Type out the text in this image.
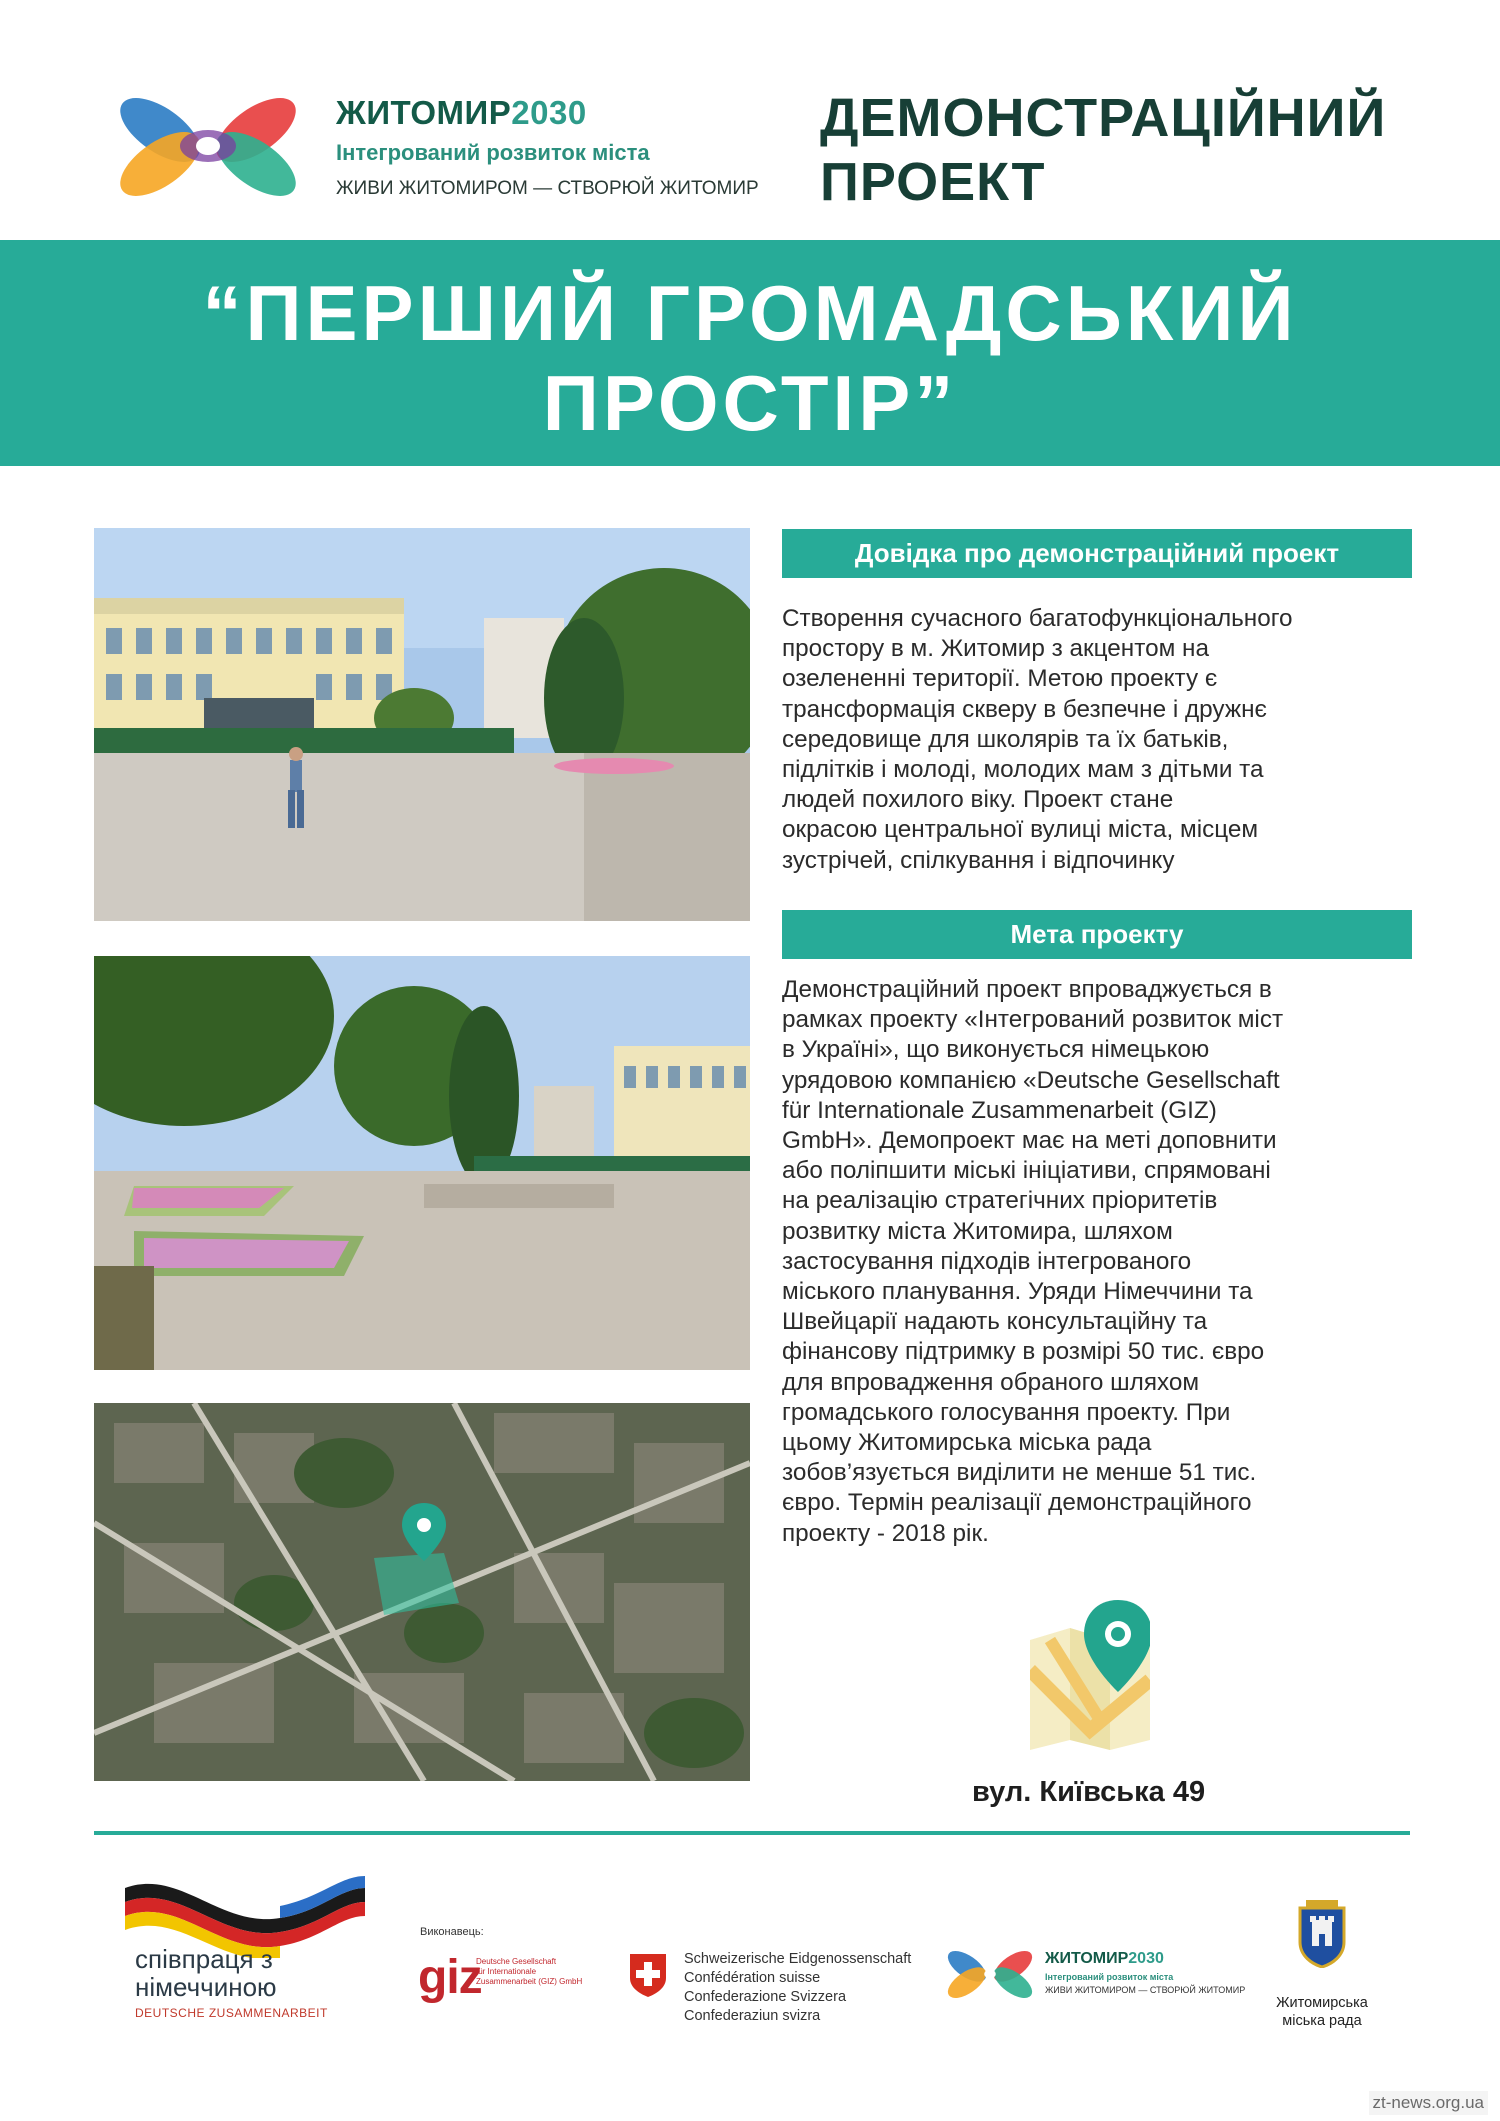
ЖИТОМИР2030
Інтегрований розвиток міста
ЖИВИ ЖИТОМИРОМ — СТВОРЮЙ ЖИТОМИР
ДЕМОНСТРАЦІЙНИЙ ПРОЕКТ
“ПЕРШИЙ ГРОМАДСЬКИЙ ПРОСТІР”
Довідка про демонстраційний проект
Створення сучасного багатофункціонального
простору в м. Житомир з акцентом на
озелененні території. Метою проекту є
трансформація скверу в безпечне і дружнє
середовище для школярів та їх батьків,
підлітків і молоді, молодих мам з дітьми та
людей похилого віку. Проект стане
окрасою центральної вулиці міста, місцем
зустрічей, спілкування і відпочинку
Мета проекту
Демонстраційний проект впроваджується в
рамках проекту «Інтегрований розвиток міст
в Україні», що виконується німецькою
урядовою компанією «Deutsche Gesellschaft
für Internationale Zusammenarbeit (GIZ)
GmbH». Демопроект має на меті доповнити
або поліпшити міські ініціативи, спрямовані
на реалізацію стратегічних пріоритетів
розвитку міста Житомира, шляхом
застосування підходів інтегрованого
міського планування. Уряди Німеччини та
Швейцарії надають консультаційну та
фінансову підтримку в розмірі 50 тис. євро
для впровадження обраного шляхом
громадського голосування проекту. При
цьому Житомирська міська рада
зобов’язується виділити не менше 51 тис.
євро. Термін реалізації демонстраційного
проекту - 2018 рік.
вул. Київська 49
співпраця з
німеччиною
DEUTSCHE ZUSAMMENARBEIT
Виконавець:
giz
Deutsche Gesellschaft
für Internationale
Zusammenarbeit (GIZ) GmbH
Schweizerische Eidgenossenschaft
Confédération suisse
Confederazione Svizzera
Confederaziun svizra
ЖИТОМИР2030
Інтегрований розвиток міста
ЖИВИ ЖИТОМИРОМ — СТВОРЮЙ ЖИТОМИР
Житомирська
міська рада
zt-news.org.ua
